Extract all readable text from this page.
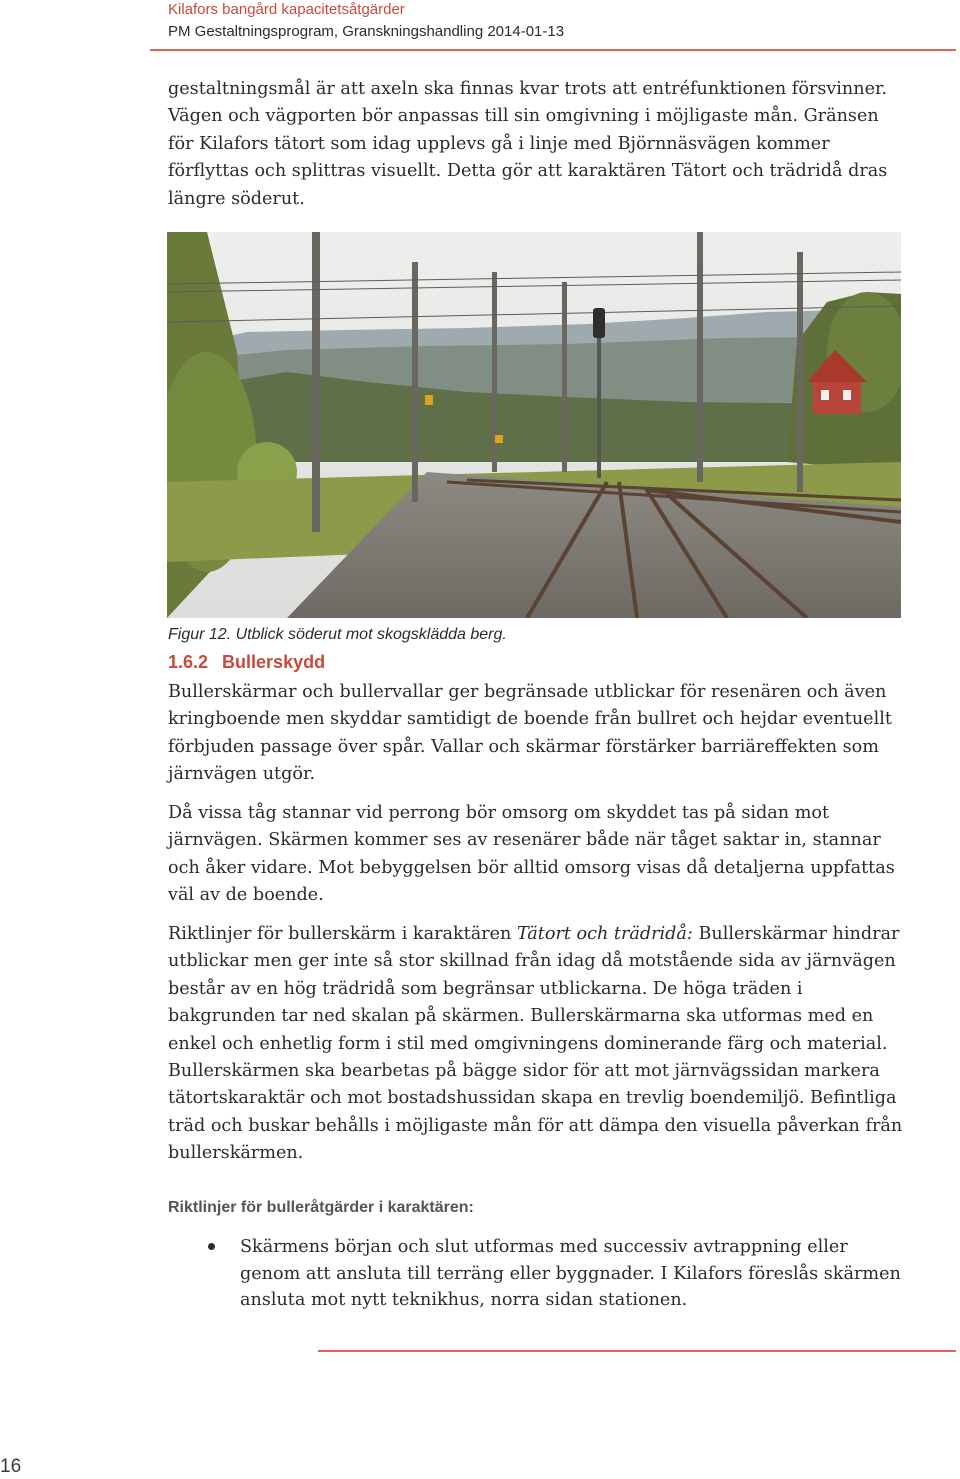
Kilafors bangård kapacitetsåtgärder
PM Gestaltningsprogram, Granskningshandling 2014-01-13

gestaltningsmål är att axeln ska finnas kvar trots att entréfunktionen försvinner. Vägen och vägporten bör anpassas till sin omgivning i möjligaste mån. Gränsen för Kilafors tätort som idag upplevs gå i linje med Björnnäsvägen kommer förflyttas och splittras visuellt. Detta gör att karaktären Tätort och trädridå dras längre söderut.

Figur 12. Utblick söderut mot skogsklädda berg.
1.6.2 Bullerskydd

Bullerskärmar och bullervallar ger begränsade utblickar för resenären och även kringboende men skyddar samtidigt de boende från bullret och hejdar eventuellt förbjuden passage över spår. Vallar och skärmar förstärker barriäreffekten som järnvägen utgör.

Då vissa tåg stannar vid perrong bör omsorg om skyddet tas på sidan mot järnvägen. Skärmen kommer ses av resenärer både när tåget saktar in, stannar och åker vidare. Mot bebyggelsen bör alltid omsorg visas då detaljerna uppfattas väl av de boende.

Riktlinjer för bullerskärm i karaktären Tätort och trädridå: Bullerskärmar hindrar utblickar men ger inte så stor skillnad från idag då motstående sida av järnvägen består av en hög trädridå som begränsar utblickarna. De höga träden i bakgrunden tar ned skalan på skärmen. Bullerskärmarna ska utformas med en enkel och enhetlig form i stil med omgivningens dominerande färg och material. Bullerskärmen ska bearbetas på bägge sidor för att mot järnvägssidan markera tätortskaraktär och mot bostadshussidan skapa en trevlig boendemiljö. Befintliga träd och buskar behålls i möjligaste mån för att dämpa den visuella påverkan från bullerskärmen.

Riktlinjer för bulleråtgärder i karaktären:
Skärmens början och slut utformas med successiv avtrappning eller genom att ansluta till terräng eller byggnader. I Kilafors föreslås skärmen ansluta mot nytt teknikhus, norra sidan stationen.
16
